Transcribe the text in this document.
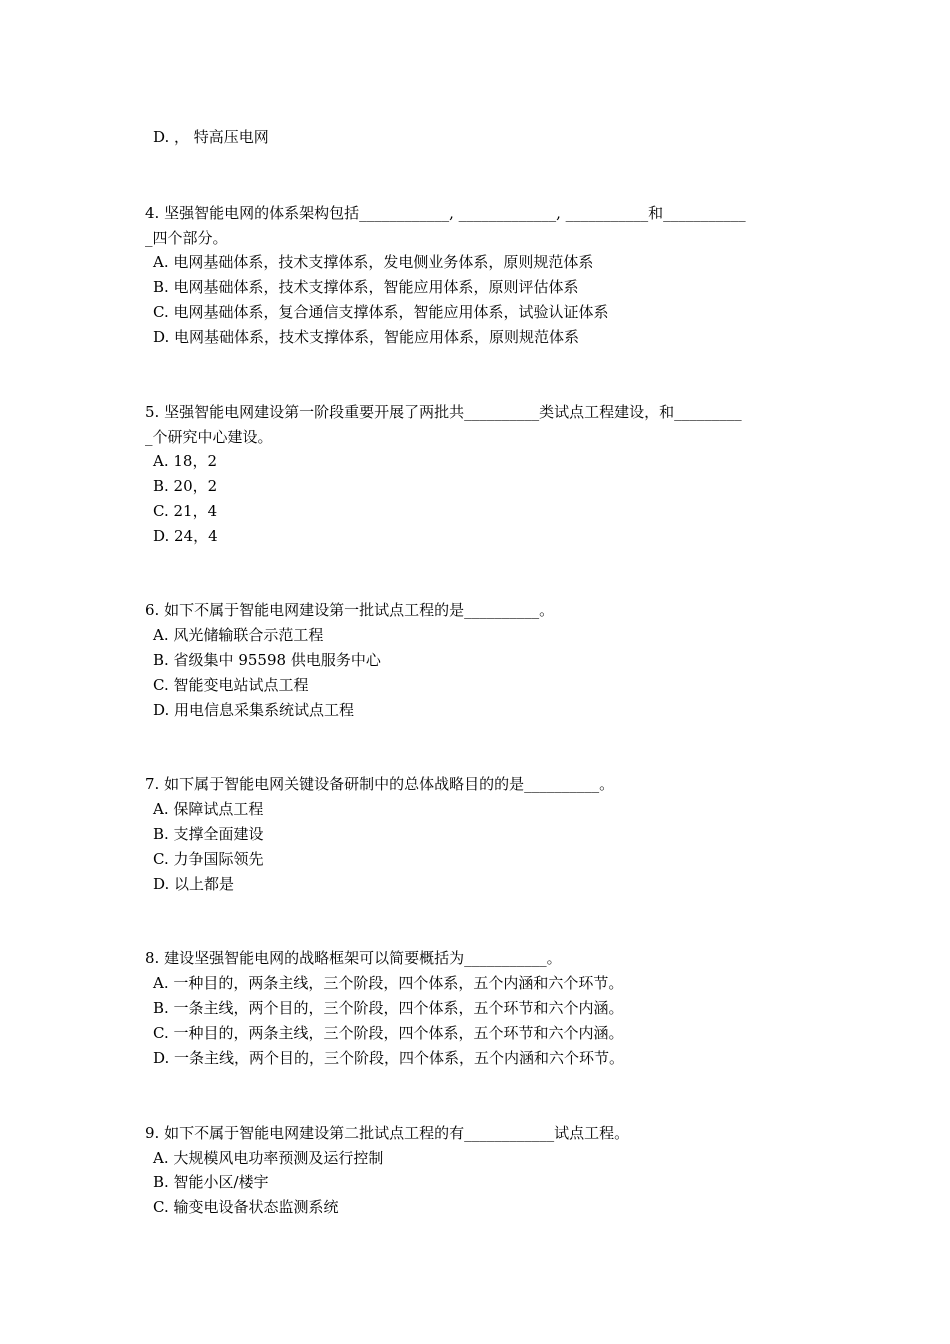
D. ， 特高压电网
4. 坚强智能电网的体系架构包括____________, _____________, ___________和___________
_四个部分。
A. 电网基础体系，技术支撑体系，发电侧业务体系，原则规范体系
B. 电网基础体系，技术支撑体系，智能应用体系，原则评估体系
C. 电网基础体系，复合通信支撑体系，智能应用体系，试验认证体系
D. 电网基础体系，技术支撑体系，智能应用体系，原则规范体系
5. 坚强智能电网建设第一阶段重要开展了两批共__________类试点工程建设，和_________
_个研究中心建设。
A. 18，2
B. 20，2
C. 21，4
D. 24，4
6. 如下不属于智能电网建设第一批试点工程的是__________。
A. 风光储输联合示范工程
B. 省级集中 95598 供电服务中心
C. 智能变电站试点工程
D. 用电信息采集系统试点工程
7. 如下属于智能电网关键设备研制中的总体战略目的的是__________。
A. 保障试点工程
B. 支撑全面建设
C. 力争国际领先
D. 以上都是
8. 建设坚强智能电网的战略框架可以简要概括为___________。
A. 一种目的，两条主线，三个阶段，四个体系，五个内涵和六个环节。
B. 一条主线，两个目的，三个阶段，四个体系，五个环节和六个内涵。
C. 一种目的，两条主线，三个阶段，四个体系，五个环节和六个内涵。
D. 一条主线，两个目的，三个阶段，四个体系，五个内涵和六个环节。
9. 如下不属于智能电网建设第二批试点工程的有____________试点工程。
A. 大规模风电功率预测及运行控制
B. 智能小区/楼宇
C. 输变电设备状态监测系统
